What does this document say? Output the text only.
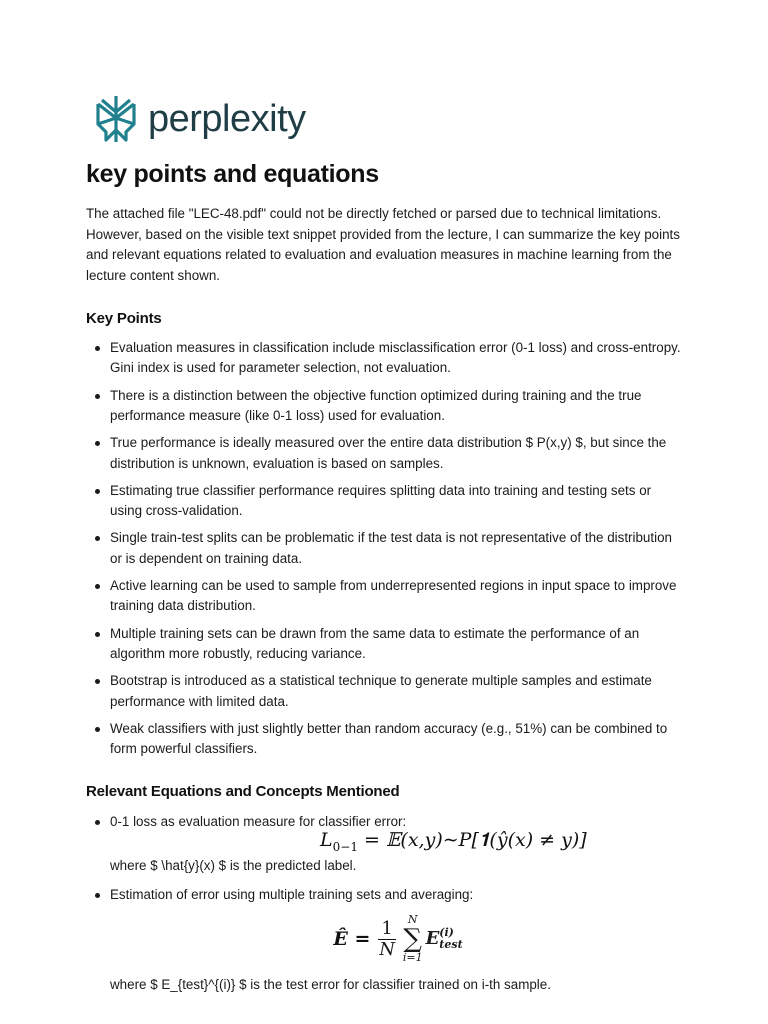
perplexity
key points and equations

The attached file "LEC-48.pdf" could not be directly fetched or parsed due to technical limitations. However, based on the visible text snippet provided from the lecture, I can summarize the key points and relevant equations related to evaluation and evaluation measures in machine learning from the lecture content shown.

Key Points
Evaluation measures in classification include misclassification error (0-1 loss) and cross-entropy. Gini index is used for parameter selection, not evaluation.
There is a distinction between the objective function optimized during training and the true performance measure (like 0-1 loss) used for evaluation.
True performance is ideally measured over the entire data distribution $ P(x,y) $, but since the distribution is unknown, evaluation is based on samples.
Estimating true classifier performance requires splitting data into training and testing sets or using cross-validation.
Single train-test splits can be problematic if the test data is not representative of the distribution or is dependent on training data.
Active learning can be used to sample from underrepresented regions in input space to improve training data distribution.
Multiple training sets can be drawn from the same data to estimate the performance of an algorithm more robustly, reducing variance.
Bootstrap is introduced as a statistical technique to generate multiple samples and estimate performance with limited data.
Weak classifiers with just slightly better than random accuracy (e.g., 51%) can be combined to form powerful classifiers.
Relevant Equations and Concepts Mentioned
0-1 loss as evaluation measure for classifier error:
$L_{0-1}$ = 𝔼(x,y)∼P[𝟏(ŷ(x) ≠ y)]
where $ \hat{y}(x) $ is the predicted label.
Estimation of error using multiple training sets and averaging:
Ê = $\frac{1}{N}$ N
∑
i=1
E (i)
test
where $ E_{test}^{(i)} $ is the test error for classifier trained on i-th sample.
